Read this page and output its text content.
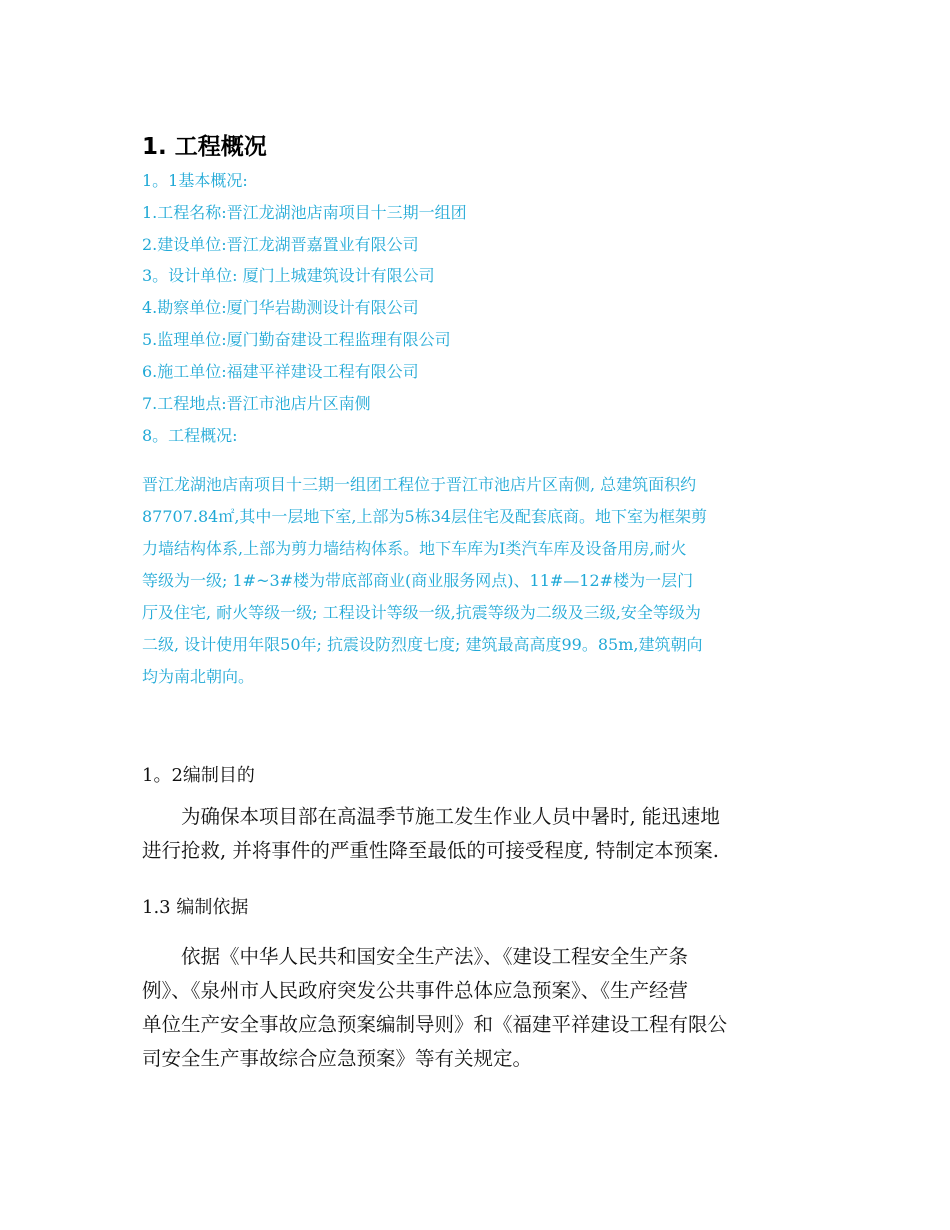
1. 工程概况
1。1基本概况:
1.工程名称:晋江龙湖池店南项目十三期一组团
2.建设单位:晋江龙湖晋嘉置业有限公司
3。设计单位: 厦门上城建筑设计有限公司
4.勘察单位:厦门华岩勘测设计有限公司
5.监理单位:厦门勤奋建设工程监理有限公司
6.施工单位:福建平祥建设工程有限公司
7.工程地点:晋江市池店片区南侧
8。工程概况:
晋江龙湖池店南项目十三期一组团工程位于晋江市池店片区南侧, 总建筑面积约
87707.84㎡,其中一层地下室,上部为5栋34层住宅及配套底商。地下室为框架剪
力墙结构体系,上部为剪力墙结构体系。地下车库为Ⅰ类汽车库及设备用房,耐火
等级为一级; 1#~3#楼为带底部商业(商业服务网点)、11#—12#楼为一层门
厅及住宅, 耐火等级一级; 工程设计等级一级,抗震等级为二级及三级,安全等级为
二级, 设计使用年限50年; 抗震设防烈度七度; 建筑最高高度99。85m,建筑朝向
均为南北朝向。
1。2编制目的
　　为确保本项目部在高温季节施工发生作业人员中暑时, 能迅速地
进行抢救, 并将事件的严重性降至最低的可接受程度, 特制定本预案.
1.3 编制依据
　　依据《中华人民共和国安全生产法》、《建设工程安全生产条
例》、《泉州市人民政府突发公共事件总体应急预案》、《生产经营
单位生产安全事故应急预案编制导则》和《福建平祥建设工程有限公
司安全生产事故综合应急预案》等有关规定。
